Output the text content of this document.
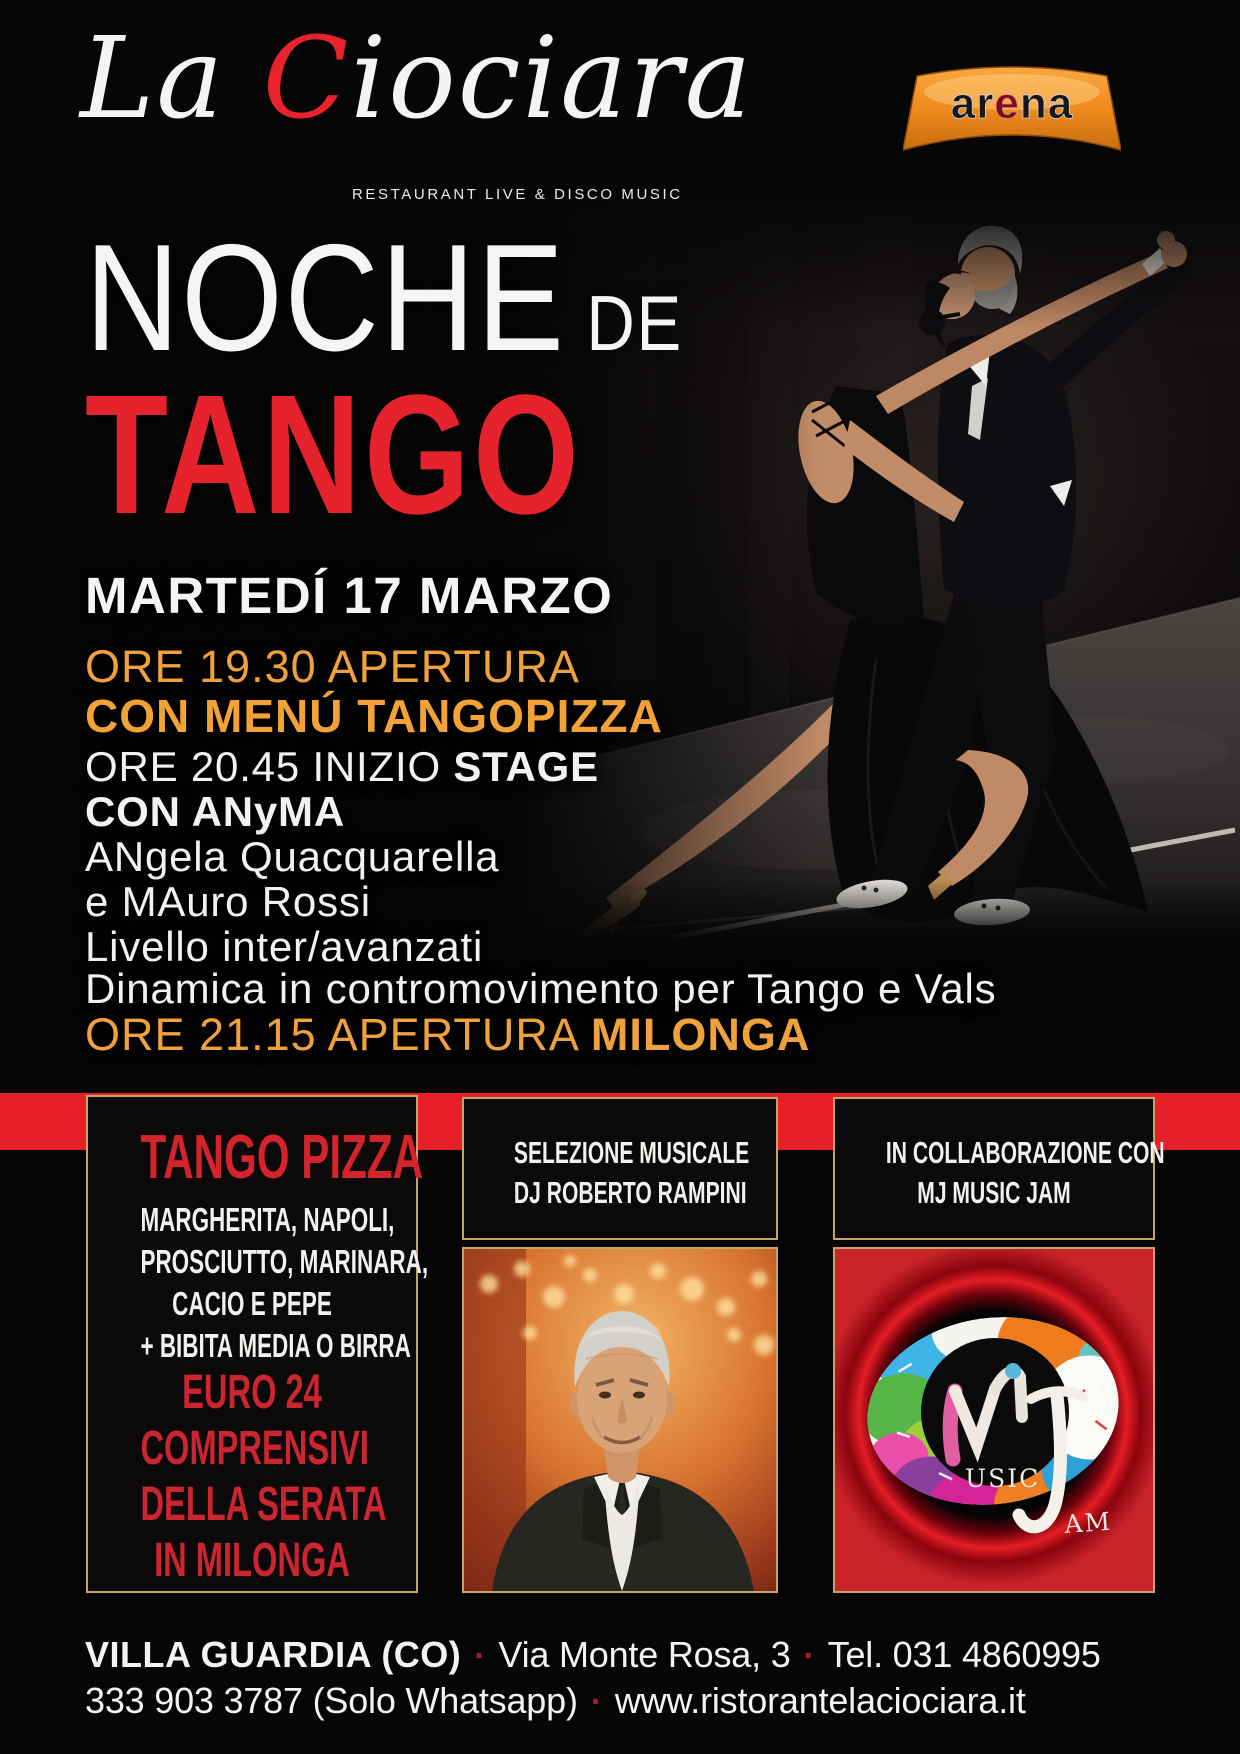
La Ciociara
RESTAURANT LIVE & DISCO MUSIC
arena
NOCHE DE
TANGO
MARTEDÍ 17 MARZO
ORE 19.30 APERTURA
CON MENÚ TANGOPIZZA
ORE 20.45 INIZIO STAGE
CON ANyMA
ANgela Quacquarella
e MAuro Rossi
Livello inter/avanzati
Dinamica in contromovimento per Tango e Vals
ORE 21.15 APERTURA MILONGA
TANGO PIZZA
MARGHERITA, NAPOLI,
PROSCIUTTO, MARINARA,
CACIO E PEPE
+ BIBITA MEDIA O BIRRA
EURO 24
COMPRENSIVI
DELLA SERATA
IN MILONGA
SELEZIONE MUSICALE
DJ ROBERTO RAMPINI
IN COLLABORAZIONE CON
MJ MUSIC JAM
USIC
AM
VILLA GUARDIA (CO) · Via Monte Rosa, 3 · Tel. 031 4860995
333 903 3787 (Solo Whatsapp) · www.ristorantelaciociara.it
